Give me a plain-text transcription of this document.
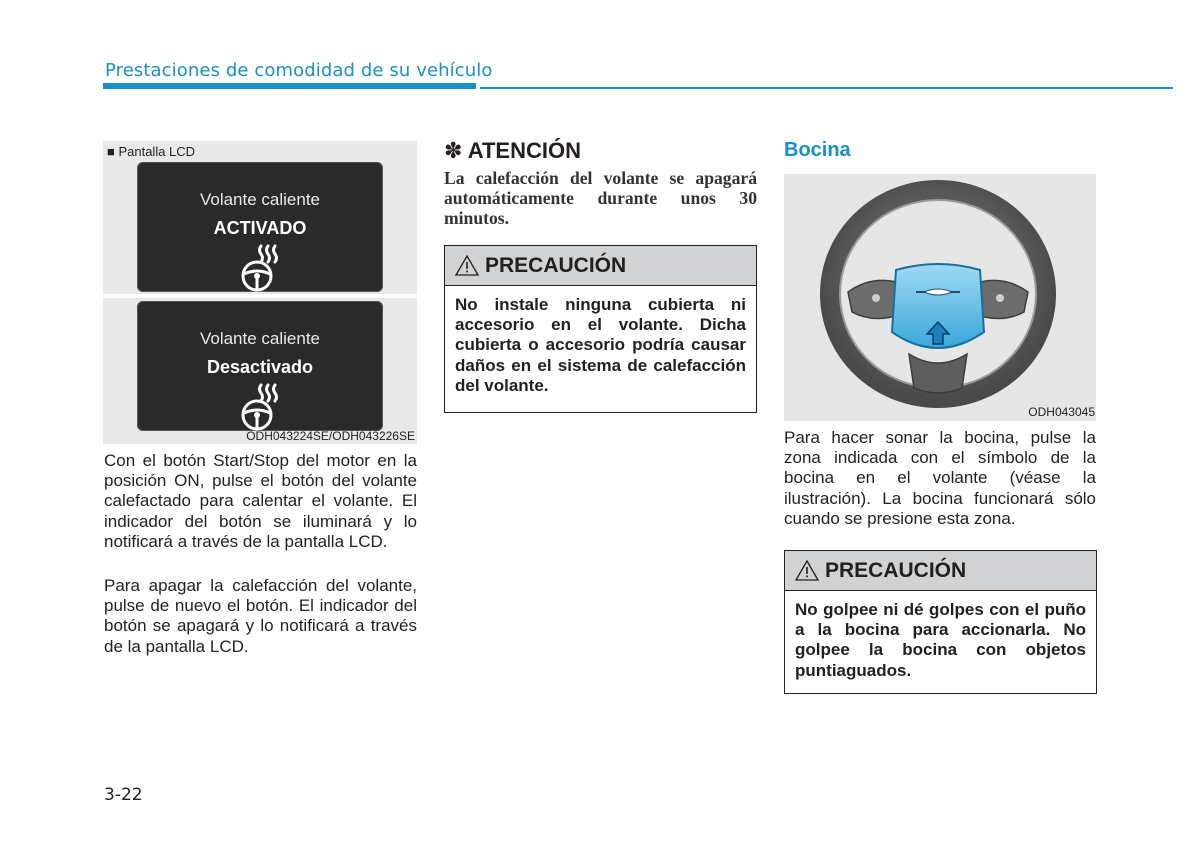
Prestaciones de comodidad de su vehículo
Volante caliente
ACTIVADO
Volante caliente
Desactivado
ODH043224SE/ODH043226SE
■ Pantalla LCD
Con el botón Start/Stop del motor en la posición ON, pulse el botón del volante calefactado para calentar el volante. El indicador del botón se iluminará y lo notificará a través de la pantalla LCD.
Para apagar la calefacción del volante, pulse de nuevo el botón. El indicador del botón se apagará y lo notificará a través de la pantalla LCD.
✽ ATENCIÓN
La calefacción del volante se apagará automáticamente durante unos 30 minutos.
PRECAUCIÓN
No instale ninguna cubierta ni accesorio en el volante. Dicha cubierta o accesorio podría causar daños en el sistema de calefacción del volante.
Bocina
ODH043045
Para hacer sonar la bocina, pulse la zona indicada con el símbolo de la bocina en el volante (véase la ilustración). La bocina funcionará sólo cuando se presione esta zona.
PRECAUCIÓN
No golpee ni dé golpes con el puño a la bocina para accionarla. No golpee la bocina con objetos puntiaguados.
3-22
